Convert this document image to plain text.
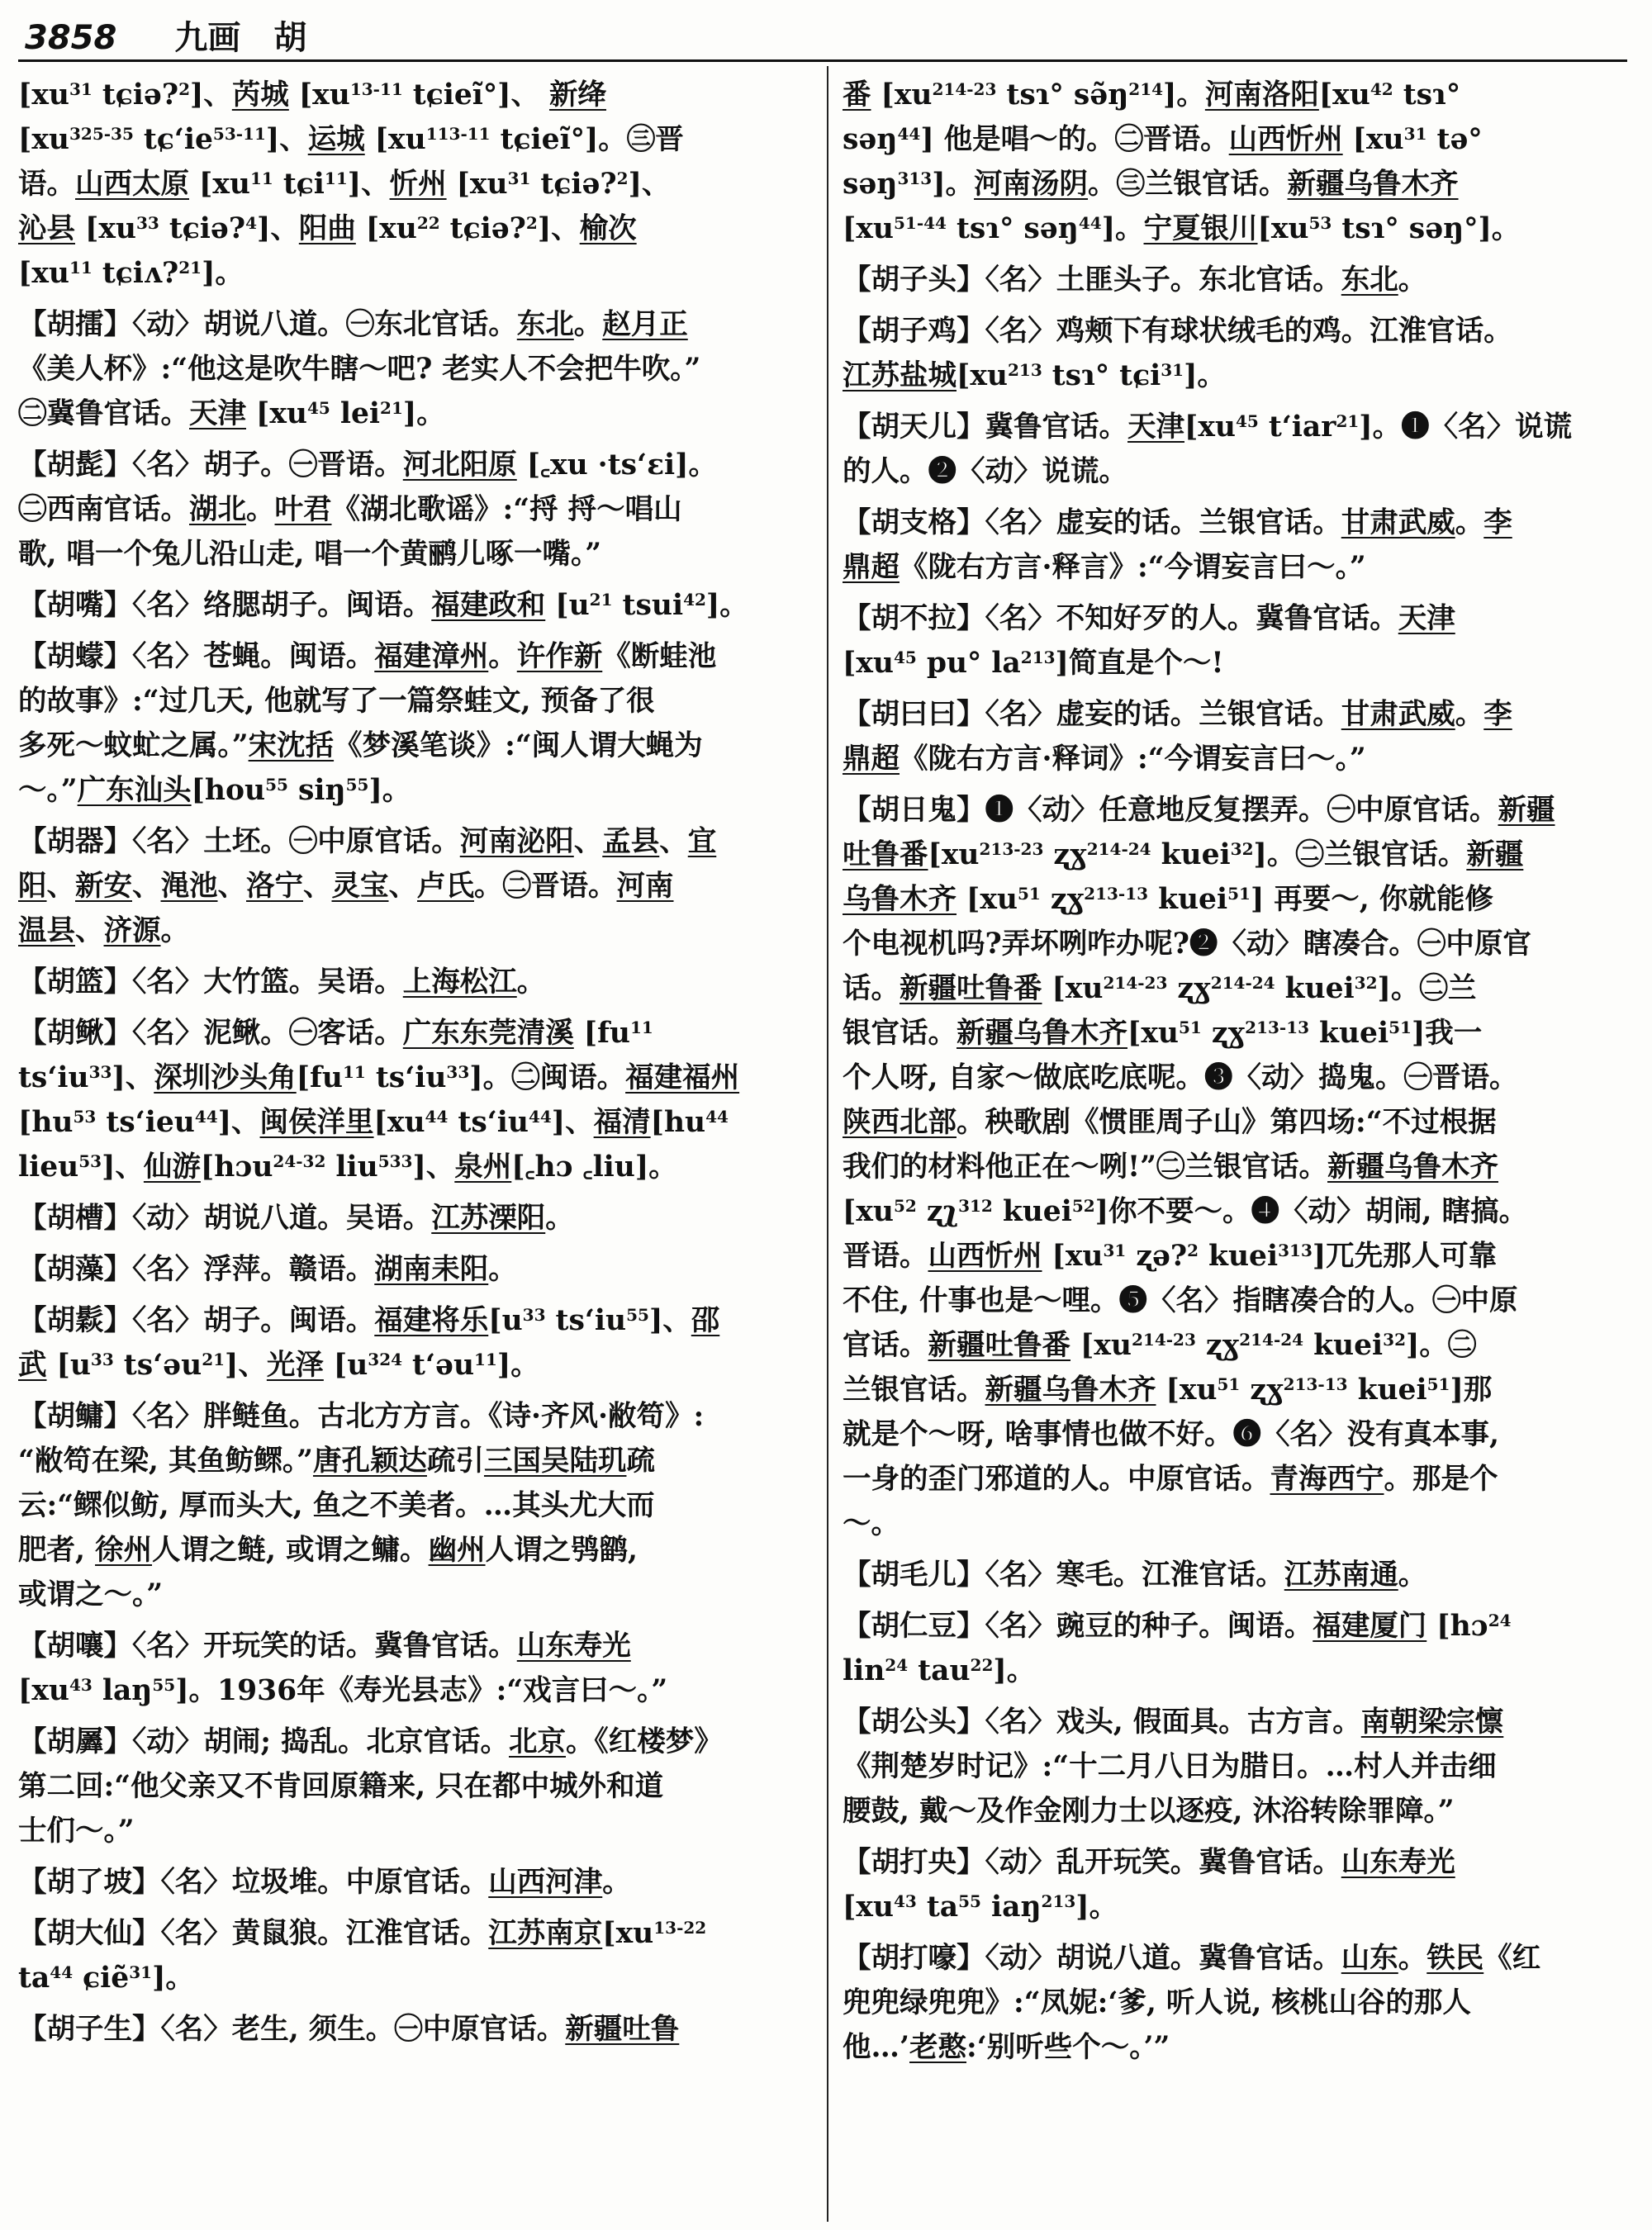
3858 九画　胡
[$xu^{31}$ tɕiə?$^2$]、芮城 [$xu^{13-11}$ tɕieĩ°]、 新绛
[$xu^{325-35}$ $tɕ‘ie^{53-11}$]、运城 [$xu^{113-11}$ tɕieĩ°]。㊂晋
语。山西太原 [$xu^{11}$ tɕi$^{11}$]、忻州 [$xu^{31}$ tɕiə?$^2$]、
沁县 [$xu^{33}$ tɕiə?$^4$]、阳曲 [$xu^{22}$ tɕiə?$^2$]、榆次
[$xu^{11}$ tɕiʌ?$^{21}$]。
【胡擂】〈动〉胡说八道。㊀东北官话。东北。赵月正
《美人杯》:“他这是吹牛瞎～吧? 老实人不会把牛吹。”
㊁冀鲁官话。天津 [$xu^{45}$ lei$^{21}$]。
【胡髭】〈名〉胡子。㊀晋语。河北阳原 [꜀xu ·ts‘ɛi]。
㊁西南官话。湖北。叶君《湖北歌谣》:“捋 捋～唱山
歌, 唱一个兔儿沿山走, 唱一个黄鹂儿啄一嘴。”
【胡嘴】〈名〉络腮胡子。闽语。福建政和 [$u^{21}$ tsui$^{42}$]。
【胡蠓】〈名〉苍蝇。闽语。福建漳州。许作新《断蛙池
的故事》:“过几天, 他就写了一篇祭蛙文, 预备了很
多死～蚊虻之属。”宋沈括《梦溪笔谈》:“闽人谓大蝇为
～。”广东汕头[hou$^{55}$ siŋ$^{55}$]。
【胡器】〈名〉土坯。㊀中原官话。河南泌阳、孟县、宜
阳、新安、渑池、洛宁、灵宝、卢氏。㊁晋语。河南
温县、济源。
【胡篮】〈名〉大竹篮。吴语。上海松江。
【胡鳅】〈名〉泥鳅。㊀客话。广东东莞清溪 [$fu^{11}$
$ts‘iu^{33}$]、深圳沙头角[$fu^{11}$ $ts‘iu^{33}$]。㊁闽语。福建福州
[$hu^{53}$ ts‘ieu$^{44}$]、闽侯洋里[$xu^{44}$ $ts‘iu^{44}$]、福清[$hu^{44}$
lieu$^{53}$]、仙游[hɔu$^{24-32}$ liu$^{533}$]、泉州[꜀hɔ ꜀liu]。
【胡槽】〈动〉胡说八道。吴语。江苏溧阳。
【胡藻】〈名〉浮萍。赣语。湖南耒阳。
【胡鬏】〈名〉胡子。闽语。福建将乐[$u^{33}$ $ts‘iu^{55}$]、邵
武 [$u^{33}$ ts‘əu$^{21}$]、光泽 [$u^{324}$ t‘əu$^{11}$]。
【胡鳙】〈名〉胖鲢鱼。古北方方言。《诗·齐风·敝笱》:
“敝笱在梁, 其鱼鲂鳏。”唐孔颖达疏引三国吴陆玑疏
云:“鳏似鲂, 厚而头大, 鱼之不美者。…其头尤大而
肥者, 徐州人谓之鲢, 或谓之鳙。幽州人谓之鸮鹠,
或谓之～。”
【胡嚷】〈名〉开玩笑的话。冀鲁官话。山东寿光
[$xu^{43}$ laŋ$^{55}$]。1936年《寿光县志》:“戏言曰～。”
【胡羼】〈动〉胡闹; 捣乱。北京官话。北京。《红楼梦》
第二回:“他父亲又不肯回原籍来, 只在都中城外和道
士们～。”
【胡了坡】〈名〉垃圾堆。中原官话。山西河津。
【胡大仙】〈名〉黄鼠狼。江淮官话。江苏南京[$xu^{13-22}$
$ta^{44}$ ɕiẽ$^{31}$]。
【胡子生】〈名〉老生, 须生。㊀中原官话。新疆吐鲁
番 [$xu^{214-23}$ tsɿ° $sə̃ŋ^{214}$]。河南洛阳[$xu^{42}$ tsɿ°
səŋ$^{44}$] 他是唱～的。㊁晋语。山西忻州 [$xu^{31}$ tə°
səŋ$^{313}$]。河南汤阴。㊂兰银官话。新疆乌鲁木齐
[$xu^{51-44}$ tsɿ° səŋ$^{44}$]。宁夏银川[$xu^{53}$ tsɿ° səŋ°]。
【胡子头】〈名〉土匪头子。东北官话。东北。
【胡子鸡】〈名〉鸡颊下有球状绒毛的鸡。江淮官话。
江苏盐城[$xu^{213}$ tsɿ° tɕi$^{31}$]。
【胡天儿】冀鲁官话。天津[$xu^{45}$ t‘iar$^{21}$]。❶〈名〉说谎
的人。❷〈动〉说谎。
【胡支格】〈名〉虚妄的话。兰银官话。甘肃武威。李
鼎超《陇右方言·释言》:“今谓妄言曰～。”
【胡不拉】〈名〉不知好歹的人。冀鲁官话。天津
[$xu^{45}$ pu° $la^{213}$]简直是个～!
【胡曰曰】〈名〉虚妄的话。兰银官话。甘肃武威。李
鼎超《陇右方言·释词》:“今谓妄言曰～。”
【胡日鬼】❶〈动〉任意地反复摆弄。㊀中原官话。新疆
吐鲁番[$xu^{213-23}$ ʐɣ$^{214-24}$ kuei$^{32}$]。㊁兰银官话。新疆
乌鲁木齐 [$xu^{51}$ ʐɣ$^{213-13}$ kuei$^{51}$] 再要～, 你就能修
个电视机吗?弄坏咧咋办呢?❷〈动〉瞎凑合。㊀中原官
话。新疆吐鲁番 [$xu^{214-23}$ ʐɣ$^{214-24}$ kuei$^{32}$]。㊁兰
银官话。新疆乌鲁木齐[$xu^{51}$ ʐɣ$^{213-13}$ kuei$^{51}$]我一
个人呀, 自家～做底吃底呢。❸〈动〉捣鬼。㊀晋语。
陕西北部。秧歌剧《惯匪周子山》第四场:“不过根据
我们的材料他正在～咧!”㊁兰银官话。新疆乌鲁木齐
[$xu^{52}$ ʐʅ$^{312}$ kuei$^{52}$]你不要～。❹〈动〉胡闹, 瞎搞。
晋语。山西忻州 [$xu^{31}$ ʐə?$^2$ kuei$^{313}$]兀先那人可靠
不住, 什事也是～哩。❺〈名〉指瞎凑合的人。㊀中原
官话。新疆吐鲁番 [$xu^{214-23}$ ʐɣ$^{214-24}$ kuei$^{32}$]。㊁
兰银官话。新疆乌鲁木齐 [$xu^{51}$ ʐɣ$^{213-13}$ kuei$^{51}$]那
就是个～呀, 啥事情也做不好。❻〈名〉没有真本事,
一身的歪门邪道的人。中原官话。青海西宁。那是个
～。
【胡毛儿】〈名〉寒毛。江淮官话。江苏南通。
【胡仁豆】〈名〉豌豆的种子。闽语。福建厦门 [hɔ$^{24}$
lin$^{24}$ tau$^{22}$]。
【胡公头】〈名〉戏头, 假面具。古方言。南朝梁宗懔
《荆楚岁时记》:“十二月八日为腊日。…村人并击细
腰鼓, 戴～及作金刚力士以逐疫, 沐浴转除罪障。”
【胡打央】〈动〉乱开玩笑。冀鲁官话。山东寿光
[$xu^{43}$ $ta^{55}$ iaŋ$^{213}$]。
【胡打嚎】〈动〉胡说八道。冀鲁官话。山东。铁民《红
兜兜绿兜兜》:“凤妮:‘爹, 听人说, 核桃山谷的那人
他…’老憨:‘别听些个～。’”
